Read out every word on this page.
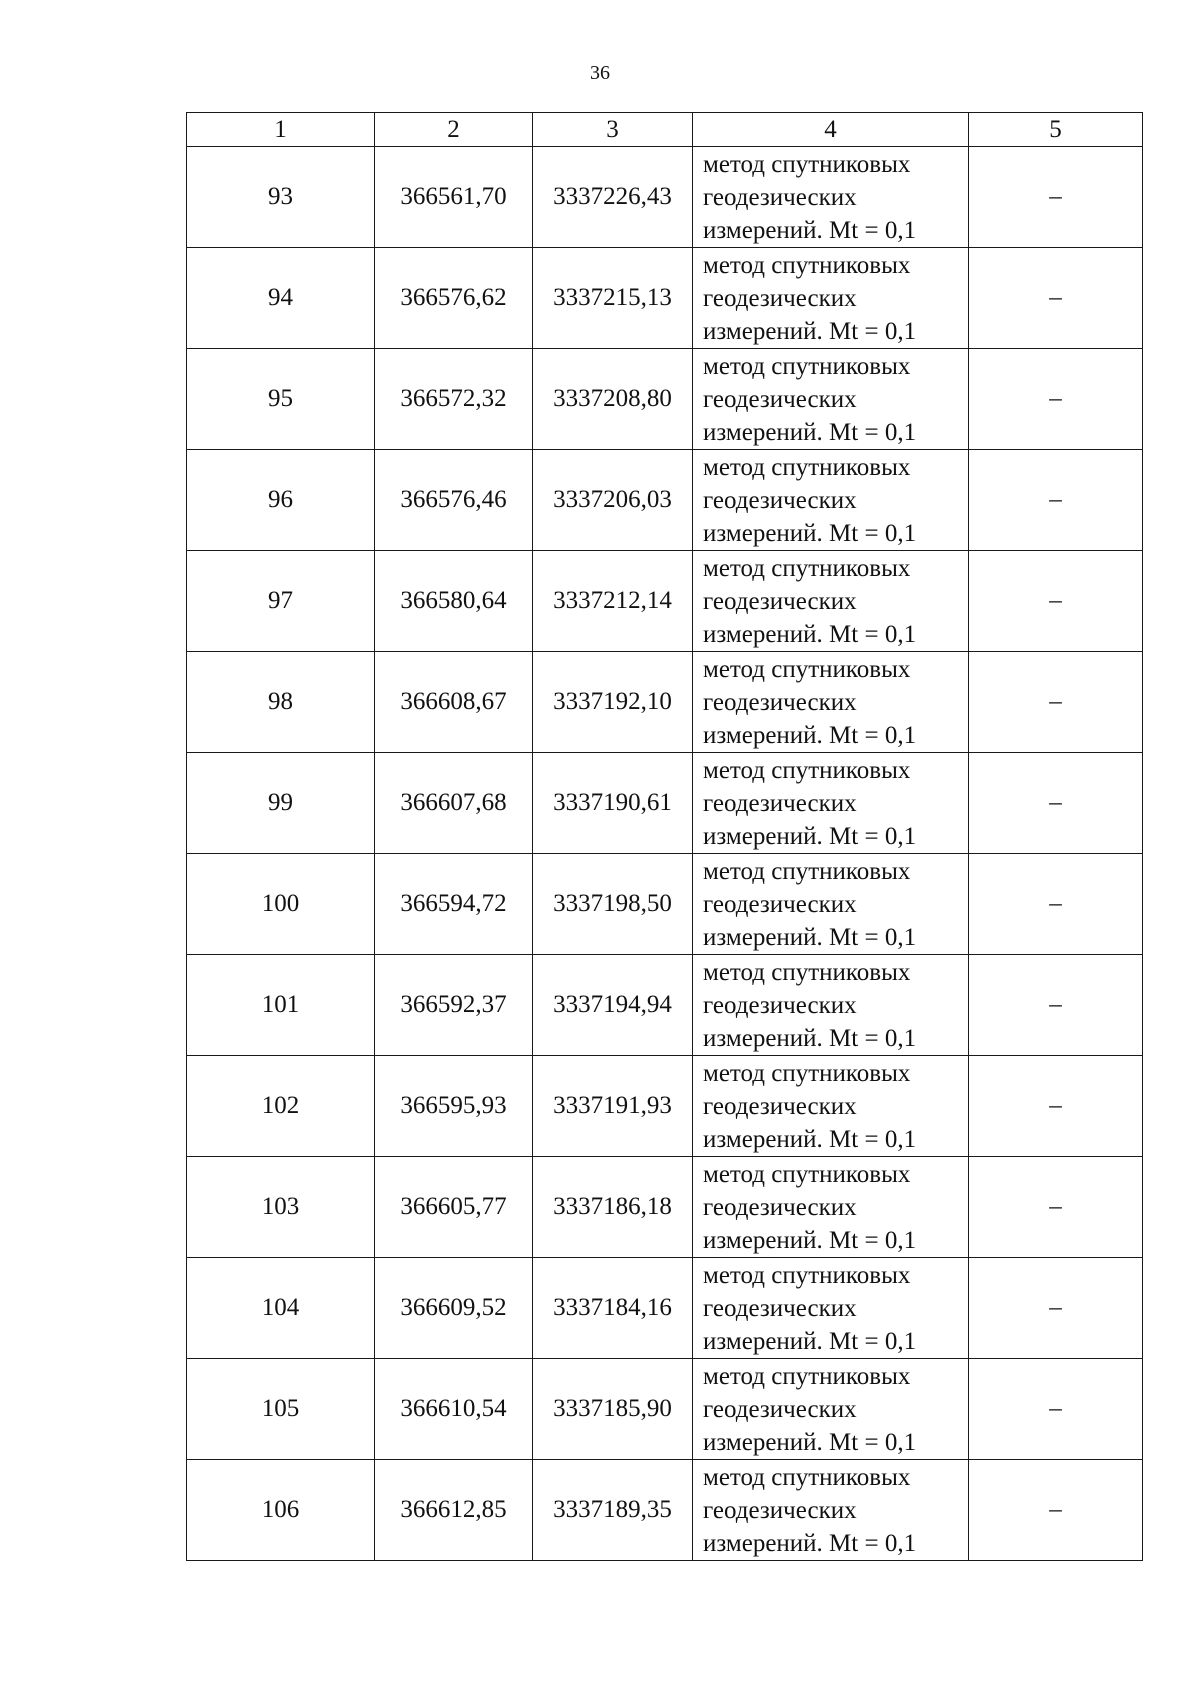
36
1	2	3	4	5
93	366561,70	3337226,43	метод спутниковых
геодезических
измерений. Mt = 0,1	–
94	366576,62	3337215,13	метод спутниковых
геодезических
измерений. Mt = 0,1	–
95	366572,32	3337208,80	метод спутниковых
геодезических
измерений. Mt = 0,1	–
96	366576,46	3337206,03	метод спутниковых
геодезических
измерений. Mt = 0,1	–
97	366580,64	3337212,14	метод спутниковых
геодезических
измерений. Mt = 0,1	–
98	366608,67	3337192,10	метод спутниковых
геодезических
измерений. Mt = 0,1	–
99	366607,68	3337190,61	метод спутниковых
геодезических
измерений. Mt = 0,1	–
100	366594,72	3337198,50	метод спутниковых
геодезических
измерений. Mt = 0,1	–
101	366592,37	3337194,94	метод спутниковых
геодезических
измерений. Mt = 0,1	–
102	366595,93	3337191,93	метод спутниковых
геодезических
измерений. Mt = 0,1	–
103	366605,77	3337186,18	метод спутниковых
геодезических
измерений. Mt = 0,1	–
104	366609,52	3337184,16	метод спутниковых
геодезических
измерений. Mt = 0,1	–
105	366610,54	3337185,90	метод спутниковых
геодезических
измерений. Mt = 0,1	–
106	366612,85	3337189,35	метод спутниковых
геодезических
измерений. Mt = 0,1	–
